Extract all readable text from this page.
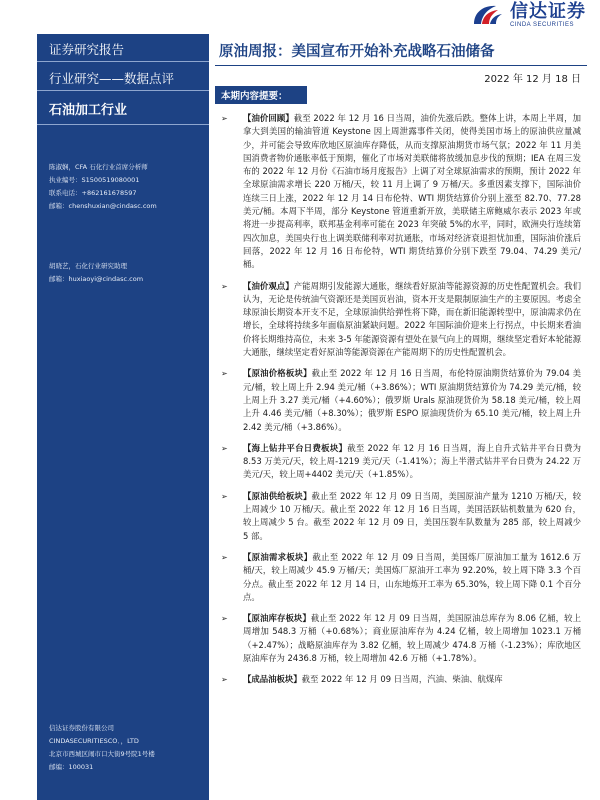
信达证券
CINDA SECURITIES
证券研究报告
行业研究——数据点评
石油加工行业
陈淑娴，CFA 石化行业首席分析师
执业编号：S1500519080001
联系电话：+86216167859​7
邮箱：chenshuxian@cindasc.com
胡晓艺，石化行业研究助理
邮箱：huxiaoyi@cindasc.com
信达证券股份有限公司
CINDASECURITIESCO．，LTD
北京市西城区闹市口大街9号院1号楼
邮编：100031
原油周报：美国宣布开始补充战略石油储备
2022 年 12 月 18 日
本期内容提要：
➢ 【油价回顾】截至 2022 年 12 月 16 日当周，油价先涨后跌。整体上讲，本周上半周，加拿大到美国的输油管道 Keystone 因上周泄露事件关闭，使得美国市场上的原油供应量减少，并可能会导致库欣地区原油库存降低，从而支撑原油期货市场气氛；2022 年 11 月美国消费者物价通胀率低于预期，催化了市场对美联储将放缓加息步伐的预期；IEA 在周三发布的 2022 年 12 月份《石油市场月度报告》上调了对全球原油需求的预期，预计 2022 年全球原油需求增长 220 万桶/天，较 11 月上调了 9 万桶/天。多重因素支撑下，国际油价连续三日上涨，2022 年 12 月 14 日布伦特、WTI 期货结算价分别上涨至 82.70、77.28 美元/桶。本周下半周，部分 Keystone 管道重新开放，美联储主席鲍威尔表示 2023 年或将进一步提高利率，联邦基金利率可能在 2023 年突破 5%的水平，同时，欧洲央行连续第四次加息，美国央行也上调美联储利率对抗通胀，市场对经济衰退担忧加重，国际油价涨后回落，2022 年 12 月 16 日布伦特，WTI 期货结算价分别下跌至 79.04、74.29 美元/桶。
➢ 【油价观点】产能周期引发能源大通胀，继续看好原油等能源资源的历史性配置机会。我们认为，无论是传统油气资源还是美国页岩油，资本开支是限制原油生产的主要原因。考虑全球原油长期资本开支不足，全球原油供给弹性将下降，而在新旧能源转型中，原油需求仍在增长，全球将持续多年面临原油紧缺问题。2022 年国际油价迎来上行拐点，中长期来看油价将长期维持高位，未来 3-5 年能源资源有望处在景气向上的周期，继续坚定看好本轮能源大通胀，继续坚定看好原油等能源资源在产能周期下的历史性配置机会。
➢ 【原油价格板块】截止至 2022 年 12 月 16 日当周，布伦特原油期货结算价为 79.04 美元/桶，较上周上升 2.94 美元/桶（+3.86%）；WTI 原油期货结算价为 74.29 美元/桶，较上周上升 3.27 美元/桶（+4.60%）；俄罗斯 Urals 原油现货价为 58.18 美元/桶，较上周上升 4.46 美元/桶（+8.30%）；俄罗斯 ESPO 原油现货价为 65.10 美元/桶，较上周上升 2.42 美元/桶（+3.86%）。
➢ 【海上钻井平台日费板块】截至 2022 年 12 月 16 日当周，海上自升式钻井平台日费为 8.53 万美元/天，较上周-1219 美元/天（-1.41%）；海上半潜式钻井平台日费为 24.22 万美元/天，较上周+4402 美元/天（+1.85%）。
➢ 【原油供给板块】截止至 2022 年 12 月 09 日当周，美国原油产量为 1210 万桶/天，较上周减少 10 万桶/天。截止至 2022 年 12 月 16 日当周，美国活跃钻机数量为 620 台，较上周减少 5 台。截至 2022 年 12 月 09 日，美国压裂车队数量为 285 部，较上周减少 5 部。
➢ 【原油需求板块】截止至 2022 年 12 月 09 日当周，美国炼厂原油加工量为 1612.6 万桶/天，较上周减少 45.9 万桶/天；美国炼厂原油开工率为 92.20%，较上周下降 3.3 个百分点。截止至 2022 年 12 月 14 日，山东地炼开工率为 65.30%，较上周下降 0.1 个百分点。
➢ 【原油库存板块】截止至 2022 年 12 月 09 日当周，美国原油总库存为 8.06 亿桶，较上周增加 548.3 万桶（+0.68%）；商业原油库存为 4.24 亿桶，较上周增加 1023.1 万桶（+2.47%）；战略原油库存为 3.82 亿桶，较上周减少 474.8 万桶（-1.23%）；库欣地区原油库存为 2436.8 万桶，较上周增加 42.6 万桶（+1.78%）。
➢ 【成品油板块】截至 2022 年 12 月 09 日当周，汽油、柴油、航煤库
